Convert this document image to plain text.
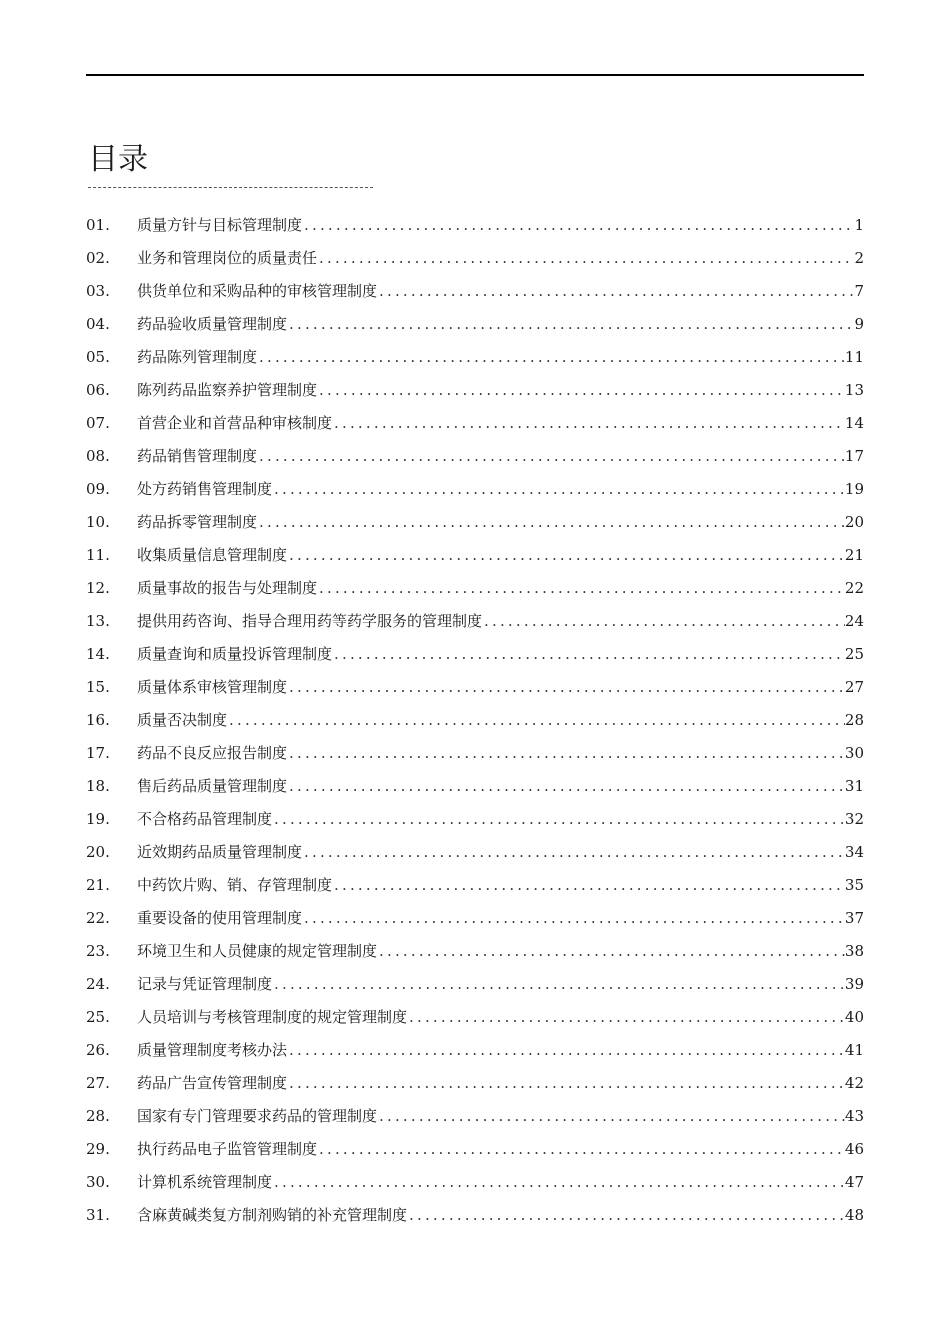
目录
01.	质量方针与目标管理制度 .....	1
02.	业务和管理岗位的质量责任 .....	2
03.	供货单位和采购品种的审核管理制度 .....	7
04.	药品验收质量管理制度 .....	9
05.	药品陈列管理制度 .....	11
06.	陈列药品监察养护管理制度 .....	13
07.	首营企业和首营品种审核制度 .....	14
08.	药品销售管理制度 .....	17
09.	处方药销售管理制度 .....	19
10.	药品拆零管理制度 .....	20
11.	收集质量信息管理制度 .....	21
12.	质量事故的报告与处理制度 .....	22
13.	提供用药咨询、指导合理用药等药学服务的管理制度 .....	24
14.	质量查询和质量投诉管理制度 .....	25
15.	质量体系审核管理制度 .....	27
16.	质量否决制度 .....	28
17.	药品不良反应报告制度 .....	30
18.	售后药品质量管理制度 .....	31
19.	不合格药品管理制度 .....	32
20.	近效期药品质量管理制度 .....	34
21.	中药饮片购、销、存管理制度 .....	35
22.	重要设备的使用管理制度 .....	37
23.	环境卫生和人员健康的规定管理制度 .....	38
24.	记录与凭证管理制度 .....	39
25.	人员培训与考核管理制度的规定管理制度 .....	40
26.	质量管理制度考核办法 .....	41
27.	药品广告宣传管理制度 .....	42
28.	国家有专门管理要求药品的管理制度 .....	43
29.	执行药品电子监管管理制度 .....	46
30.	计算机系统管理制度 .....	47
31.	含麻黄碱类复方制剂购销的补充管理制度 .....	48
